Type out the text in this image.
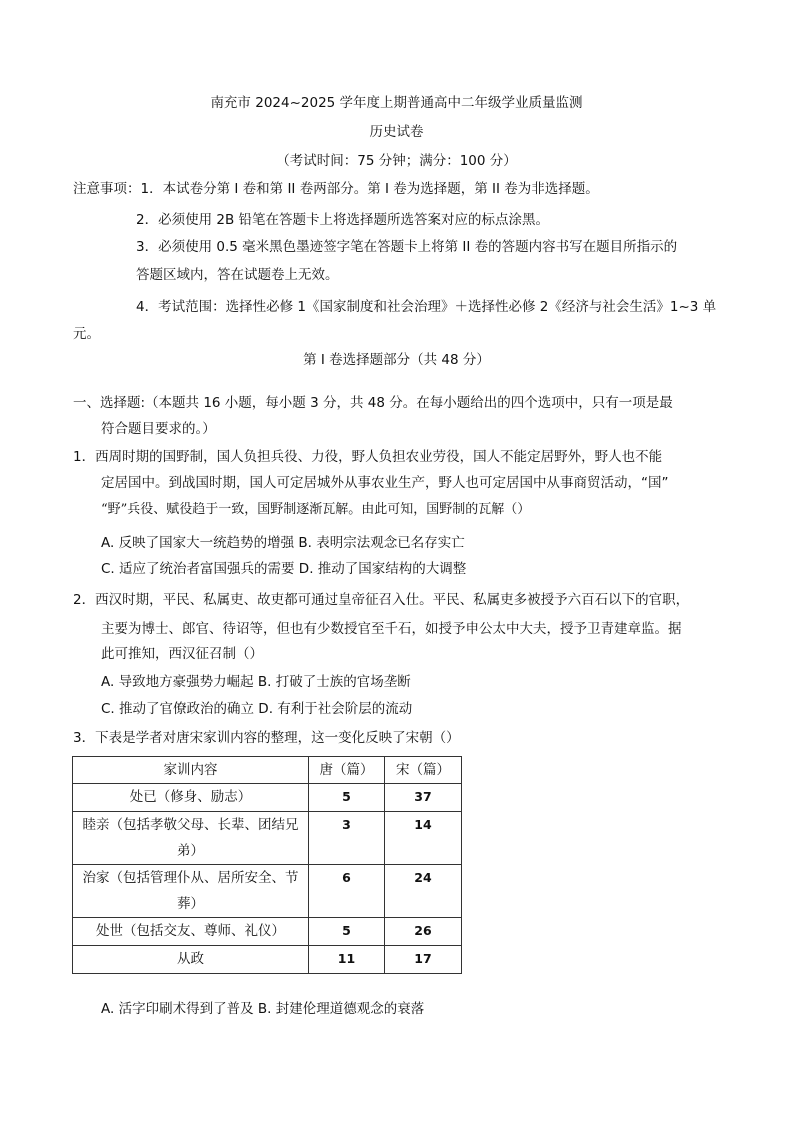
南充市 2024~2025 学年度上期普通高中二年级学业质量监测
历史试卷
（考试时间：75 分钟；满分：100 分）
注意事项：1．本试卷分第 I 卷和第 II 卷两部分。第 I 卷为选择题，第 II 卷为非选择题。
2．必须使用 2B 铅笔在答题卡上将选择题所选答案对应的标点涂黑。
3．必须使用 0.5 毫米黑色墨迹签字笔在答题卡上将第 II 卷的答题内容书写在题目所指示的
答题区域内，答在试题卷上无效。
4．考试范围：选择性必修 1《国家制度和社会治理》＋选择性必修 2《经济与社会生活》1~3 单
元。
第 I 卷选择题部分（共 48 分）
一、选择题:（本题共 16 小题，每小题 3 分，共 48 分。在每小题给出的四个选项中，只有一项是最
符合题目要求的。）
1．西周时期的国野制，国人负担兵役、力役，野人负担农业劳役，国人不能定居野外，野人也不能
定居国中。到战国时期，国人可定居城外从事农业生产，野人也可定居国中从事商贸活动，“国”
“野”兵役、赋役趋于一致，国野制逐渐瓦解。由此可知，国野制的瓦解（）
A. 反映了国家大一统趋势的增强 B. 表明宗法观念已名存实亡
C. 适应了统治者富国强兵的需要 D. 推动了国家结构的大调整
2．西汉时期，平民、私属吏、故吏都可通过皇帝征召入仕。平民、私属吏多被授予六百石以下的官职，
主要为博士、郎官、待诏等，但也有少数授官至千石，如授予申公太中大夫，授予卫青建章监。据
此可推知，西汉征召制（）
A. 导致地方豪强势力崛起 B. 打破了士族的官场垄断
C. 推动了官僚政治的确立 D. 有利于社会阶层的流动
3．下表是学者对唐宋家训内容的整理，这一变化反映了宋朝（）
家训内容	唐（篇）	宋（篇）
处已（修身、励志）	5	37
睦亲（包括孝敬父母、长辈、团结兄弟）	3	14
治家（包括管理仆从、居所安全、节葬）	6	24
处世（包括交友、尊师、礼仪）	5	26
从政	11	17
A. 活字印刷术得到了普及 B. 封建伦理道德观念的衰落
